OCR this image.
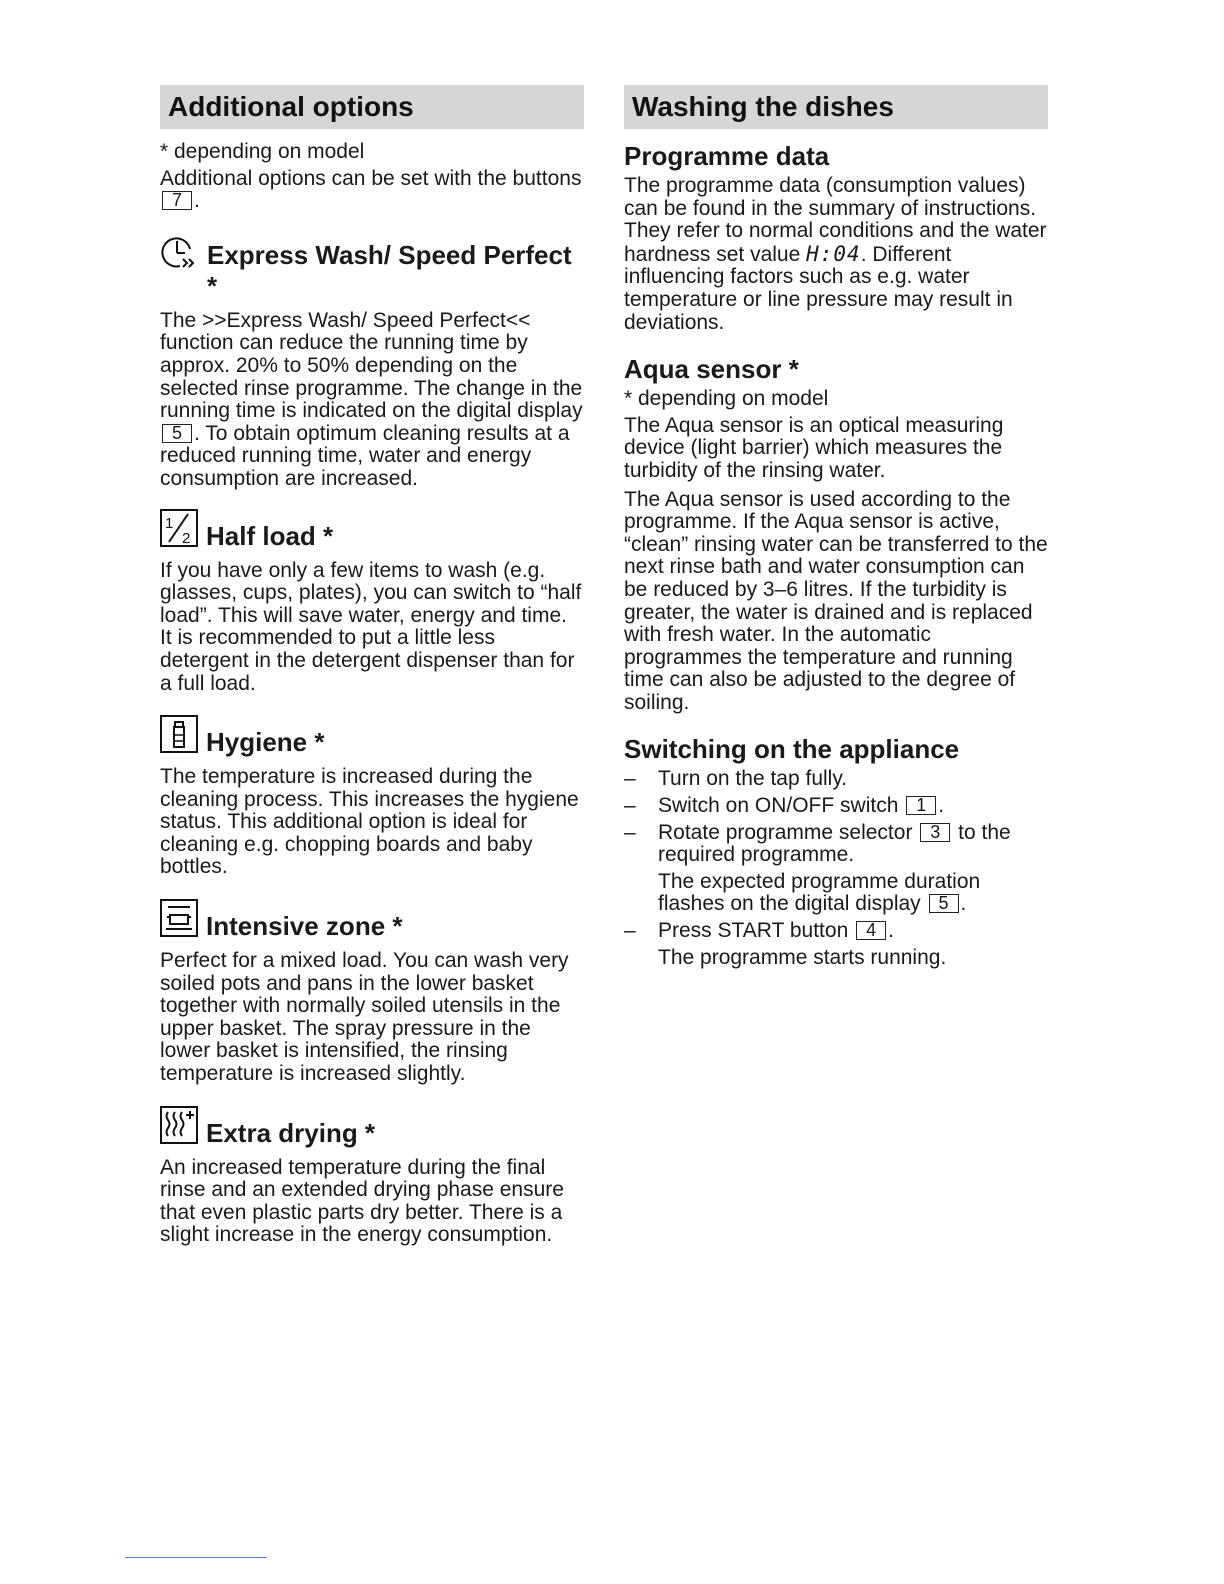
Additional options

* depending on model

Additional options can be set with the buttons 7 .

Express Wash/ Speed Perfect *

The >>Express Wash/ Speed Perfect<< function can reduce the running time by approx. 20% to 50% depending on the selected rinse programme. The change in the running time is indicated on the digital display 5 . To obtain optimum cleaning results at a reduced running time, water and energy consumption are increased.

1
2 Half load *

If you have only a few items to wash (e.g. glasses, cups, plates), you can switch to “half load”. This will save water, energy and time. It is recommended to put a little less detergent in the detergent dispenser than for a full load.

Hygiene *

The temperature is increased during the cleaning process. This increases the hygiene status. This additional option is ideal for cleaning e.g. chopping boards and baby bottles.

Intensive zone *

Perfect for a mixed load. You can wash very soiled pots and pans in the lower basket together with normally soiled utensils in the upper basket. The spray pressure in the lower basket is intensified, the rinsing temperature is increased slightly.

Extra drying *

An increased temperature during the final rinse and an extended drying phase ensure that even plastic parts dry better. There is a slight increase in the energy consumption.

Washing the dishes
Programme data

The programme data (consumption values) can be found in the summary of instructions. They refer to normal conditions and the water hardness set value H:04. Different influencing factors such as e.g. water temperature or line pressure may result in deviations.

Aqua sensor *

* depending on model

The Aqua sensor is an optical measuring device (light barrier) which measures the turbidity of the rinsing water.

The Aqua sensor is used according to the programme. If the Aqua sensor is active, “clean” rinsing water can be transferred to the next rinse bath and water consumption can be reduced by 3–6 litres. If the turbidity is greater, the water is drained and is replaced with fresh water. In the automatic programmes the temperature and running time can also be adjusted to the degree of soiling.

Switching on the appliance
– Turn on the tap fully.
– Switch on ON/OFF switch 1 .
– Rotate programme selector 3 to the required programme.
The expected programme duration flashes on the digital display 5 .
– Press START button 4 .
The programme starts running.
